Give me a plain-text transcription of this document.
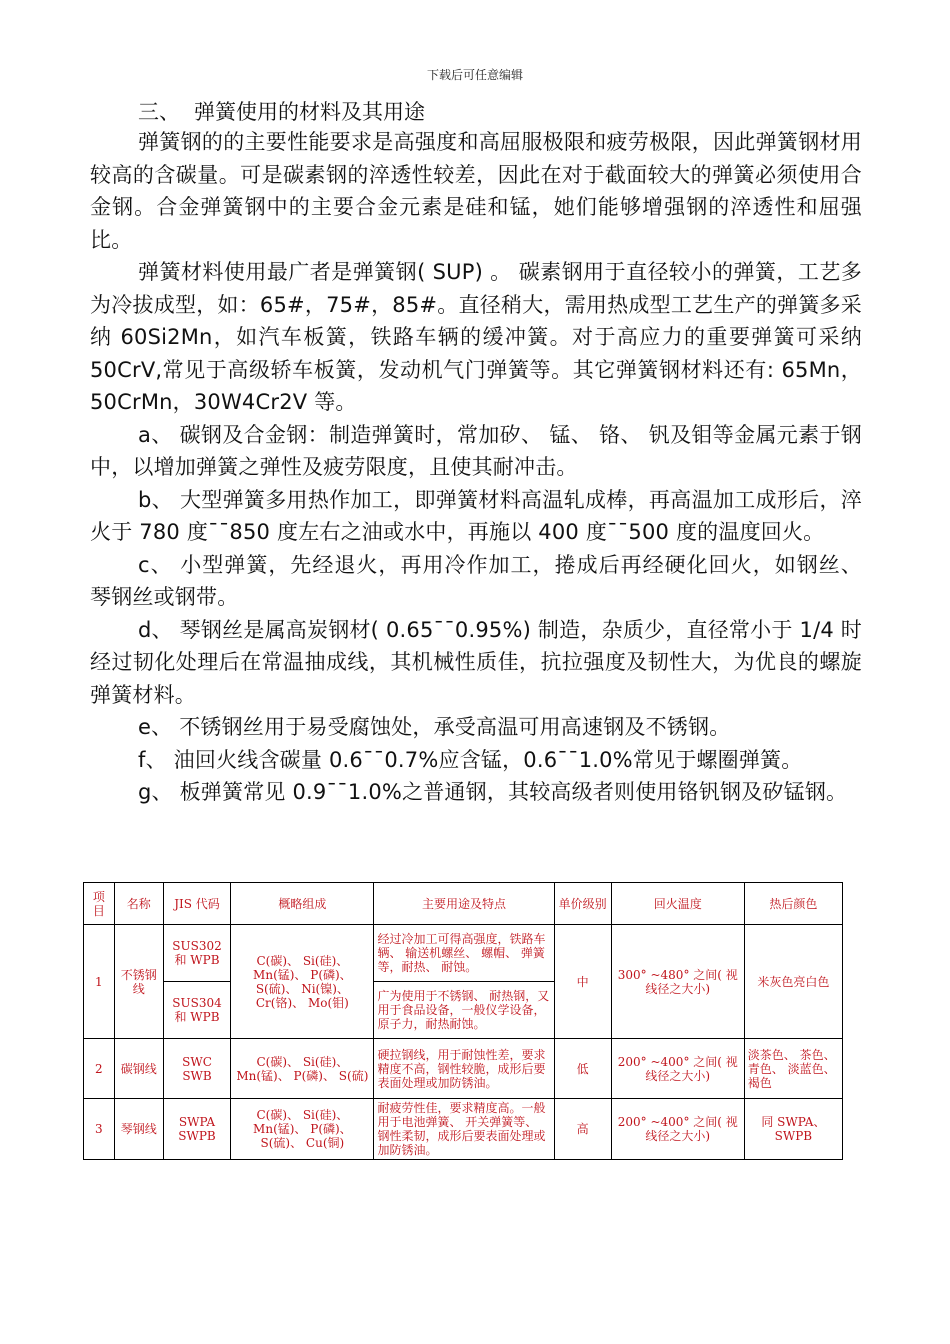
下载后可任意编辑
三、 弹簧使用的材料及其用途

弹簧钢的的主要性能要求是高强度和高屈服极限和疲劳极限，因此弹簧钢材用较高的含碳量。可是碳素钢的淬透性较差，因此在对于截面较大的弹簧必须使用合金钢。合金弹簧钢中的主要合金元素是硅和锰，她们能够增强钢的淬透性和屈强比。

弹簧材料使用最广者是弹簧钢( SUP) 。 碳素钢用于直径较小的弹簧，工艺多为冷拔成型，如：65#，75#，85#。直径稍大，需用热成型工艺生产的弹簧多采纳 60Si2Mn，如汽车板簧，铁路车辆的缓冲簧。对于高应力的重要弹簧可采纳 50CrV,常见于高级轿车板簧，发动机气门弹簧等。其它弹簧钢材料还有: 65Mn，50CrMn，30W4Cr2V 等。

a、 碳钢及合金钢：制造弹簧时，常加矽、 锰、 铬、 钒及钼等金属元素于钢中，以增加弹簧之弹性及疲劳限度，且使其耐冲击。

b、 大型弹簧多用热作加工，即弹簧材料高温轧成棒，再高温加工成形后，淬火于 780 度¯¯850 度左右之油或水中，再施以 400 度¯¯500 度的温度回火。

c、 小型弹簧，先经退火，再用冷作加工，捲成后再经硬化回火，如钢丝、 琴钢丝或钢带。

d、 琴钢丝是属高炭钢材( 0.65¯¯0.95%) 制造，杂质少，直径常小于 1/4 时经过韧化处理后在常温抽成线，其机械性质佳，抗拉强度及韧性大，为优良的螺旋弹簧材料。

e、 不锈钢丝用于易受腐蚀处，承受高温可用高速钢及不锈钢。

f、 油回火线含碳量 0.6¯¯0.7%应含锰，0.6¯¯1.0%常见于螺圈弹簧。

g、 板弹簧常见 0.9¯¯1.0%之普通钢，其较高级者则使用铬钒钢及矽锰钢。

项目	名称	JIS 代码	概略组成	主要用途及特点	单价级别	回火温度	热后颜色
1	不锈钢线	SUS302 和 WPB	C(碳)、 Si(硅)、 Mn(锰)、 P(磷)、 S(硫)、 Ni(镍)、 Cr(铬)、 Mo(钼)	经过冷加工可得高强度，铁路车辆、 输送机螺丝、 螺帽、 弹簧等，耐热、 耐蚀。	中	300° ~480° 之间( 视线径之大小)	米灰色亮白色
		SUS304 和 WPB		广为使用于不锈钢、 耐热钢，又用于食品设备，一般仪学设备，原子力，耐热耐蚀。			
2	碳钢线	SWC SWB	C(碳)、 Si(硅)、 Mn(锰)、 P(磷)、 S(硫)	硬拉钢线，用于耐蚀性差，要求精度不高，钢性较脆，成形后要表面处理或加防锈油。	低	200° ~400° 之间( 视线径之大小)	淡茶色、 茶色、 青色、 淡蓝色、 褐色
3	琴钢线	SWPA SWPB	C(碳)、 Si(硅)、 Mn(锰)、 P(磷)、 S(硫)、 Cu(铜)	耐疲劳性佳，要求精度高。一般用于电池弹簧、 开关弹簧等、 钢性柔韧，成形后要表面处理或加防锈油。	高	200° ~400° 之间( 视线径之大小)	同 SWPA、 SWPB
